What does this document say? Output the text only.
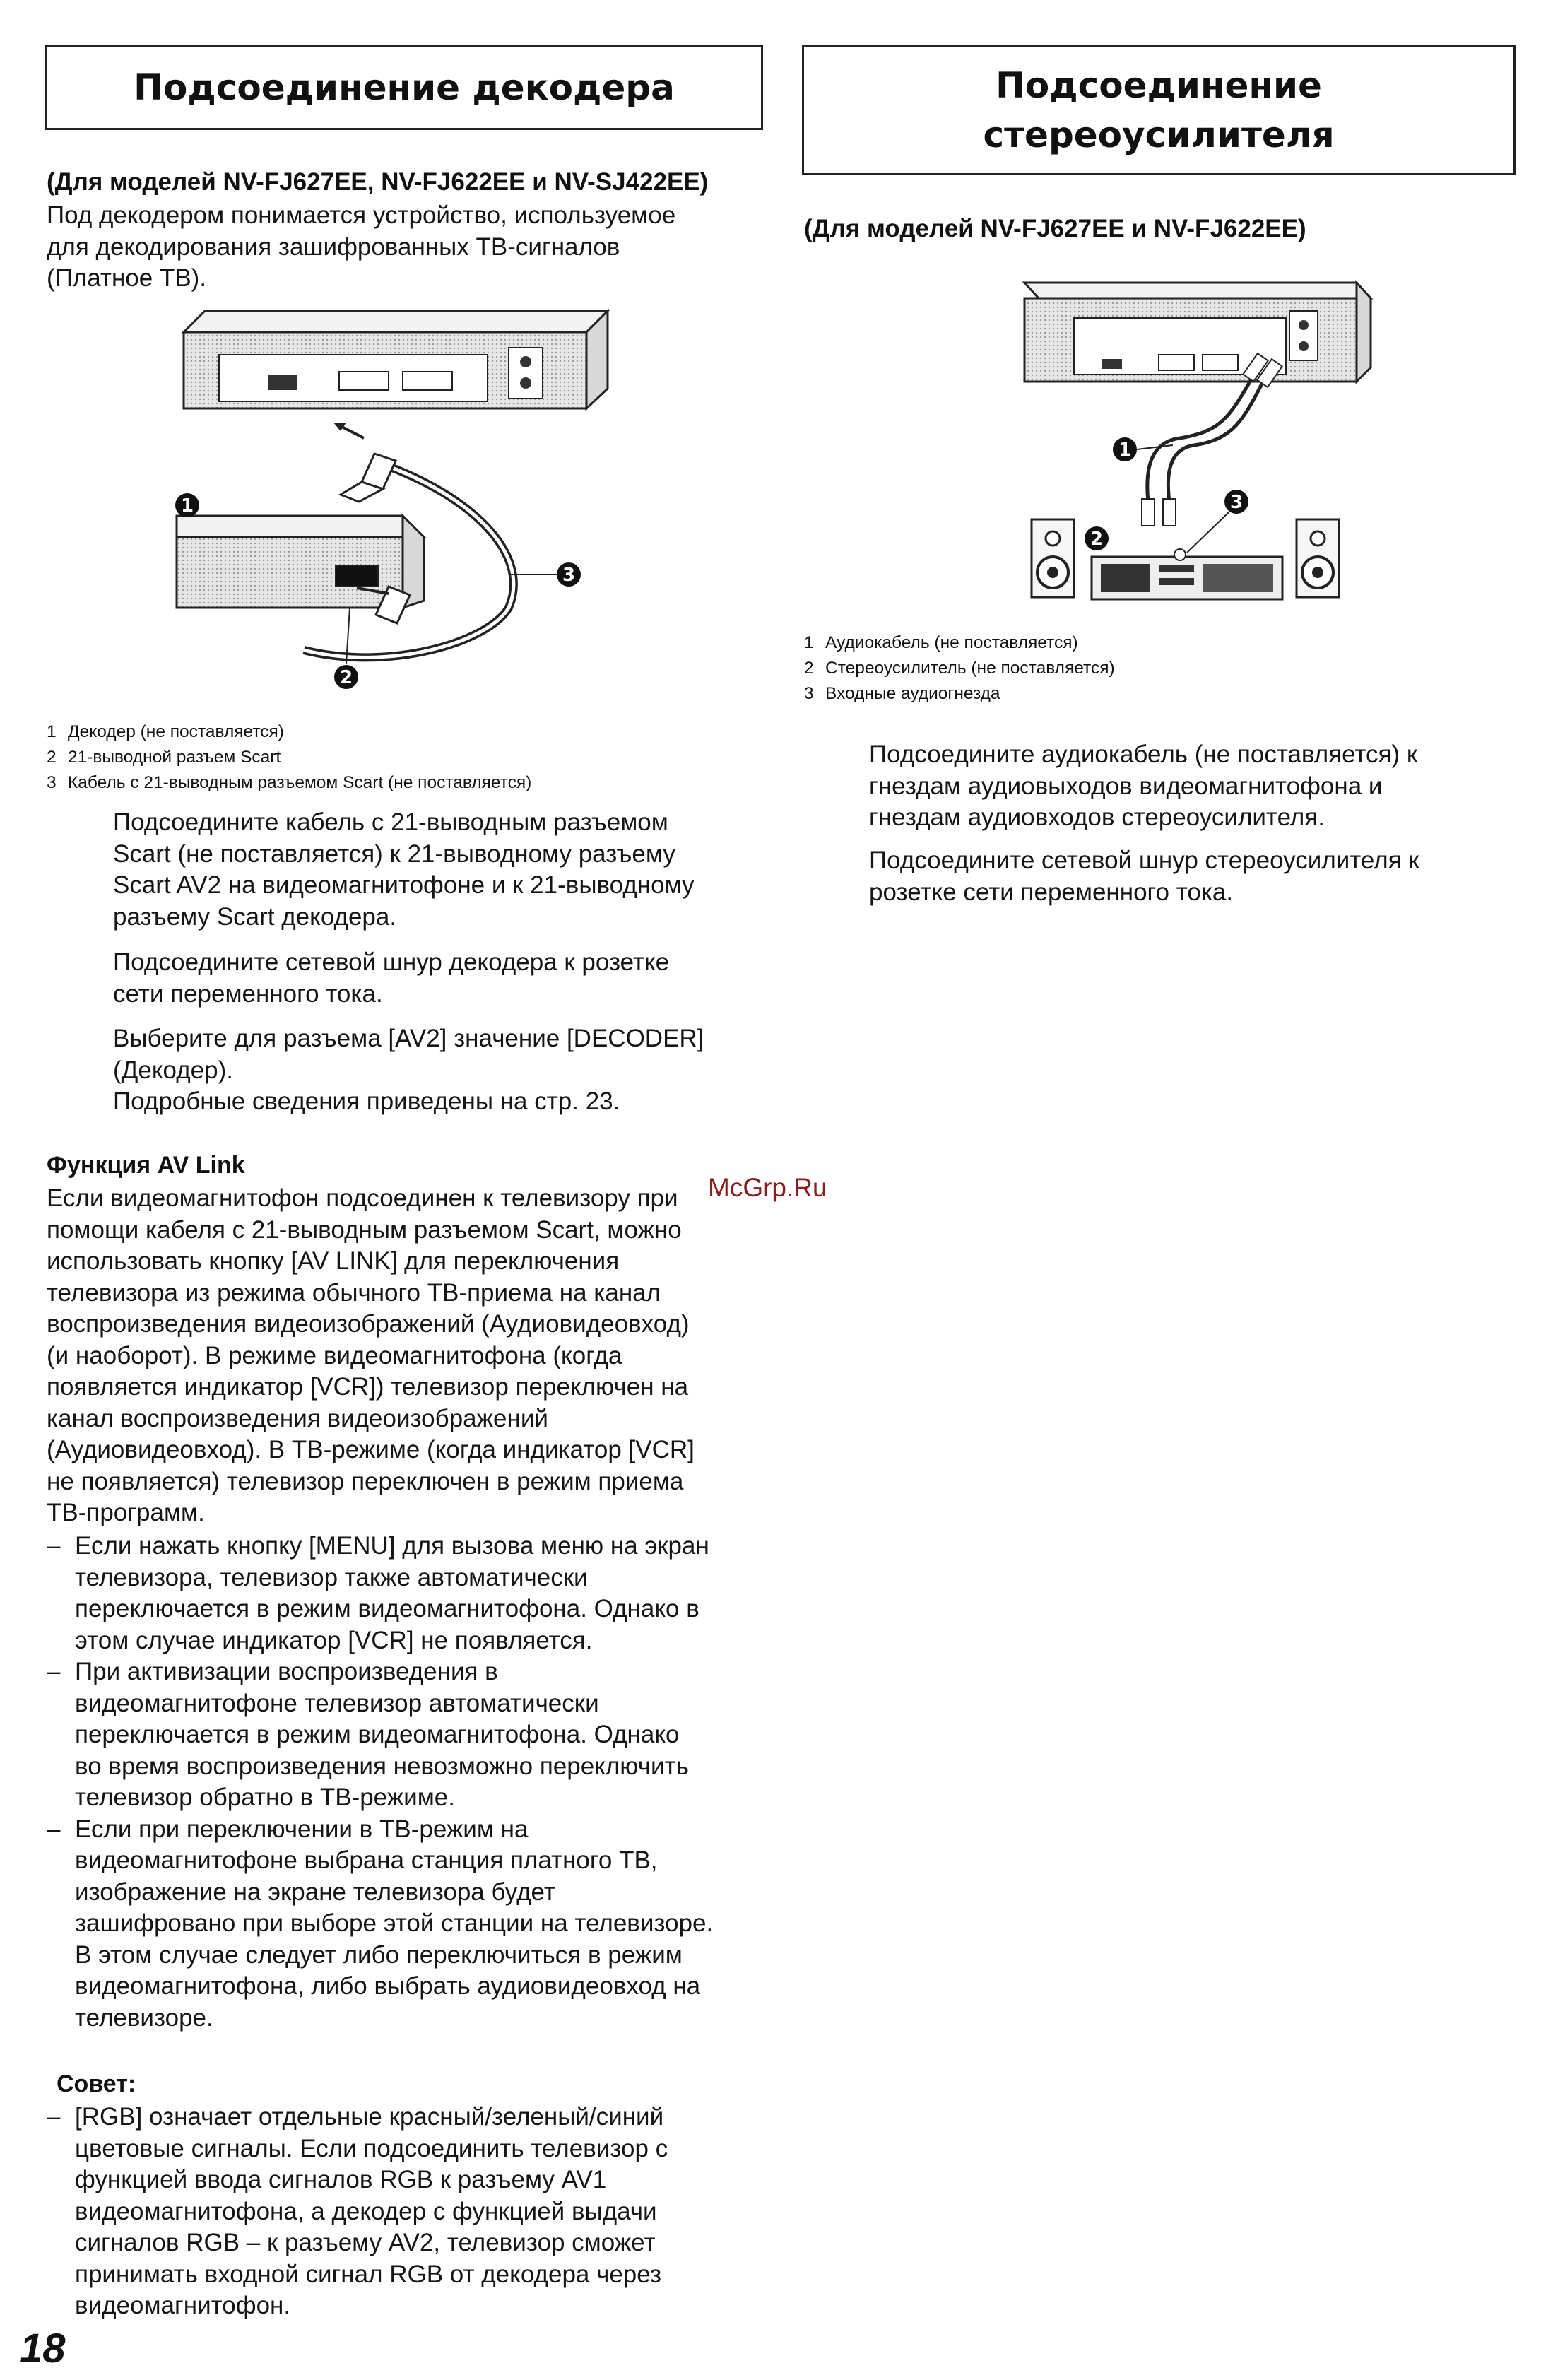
Подсоединение декодера
(Для моделей NV-FJ627EE, NV-FJ622EE и NV-SJ422EE)

Под декодером понимается устройство, используемое

для декодирования зашифрованных ТВ-сигналов

(Платное ТВ).

1
2
3
1 Декодер (не поставляется)
2 21-выводной разъем Scart
3 Кабель с 21-выводным разъемом Scart (не поставляется)

Подсоедините кабель с 21-выводным разъемом

Scart (не поставляется) к 21-выводному разъему

Scart AV2 на видеомагнитофоне и к 21-выводному

разъему Scart декодера.

Подсоедините сетевой шнур декодера к розетке

сети переменного тока.

Выберите для разъема [AV2] значение [DECODER]

(Декодер).

Подробные сведения приведены на стр. 23.

Функция AV Link

Если видеомагнитофон подсоединен к телевизору при

помощи кабеля с 21-выводным разъемом Scart, можно

использовать кнопку [AV LINK] для переключения

телевизора из режима обычного ТВ-приема на канал

воспроизведения видеоизображений (Аудиовидеовход)

(и наоборот). В режиме видеомагнитофона (когда

появляется индикатор [VCR]) телевизор переключен на

канал воспроизведения видеоизображений

(Аудиовидеовход). В ТВ-режиме (когда индикатор [VCR]

не появляется) телевизор переключен в режим приема

ТВ-программ.

– Если нажать кнопку [MENU] для вызова меню на экран
телевизора, телевизор также автоматически
переключается в режим видеомагнитофона. Однако в
этом случае индикатор [VCR] не появляется.
– При активизации воспроизведения в
видеомагнитофоне телевизор автоматически
переключается в режим видеомагнитофона. Однако
во время воспроизведения невозможно переключить
телевизор обратно в ТВ-режиме.
– Если при переключении в ТВ-режим на
видеомагнитофоне выбрана станция платного ТВ,
изображение на экране телевизора будет
зашифровано при выборе этой станции на телевизоре.
В этом случае следует либо переключиться в режим
видеомагнитофона, либо выбрать аудиовидеовход на
телевизоре.
Совет:
– [RGB] означает отдельные красный/зеленый/синий
цветовые сигналы. Если подсоединить телевизор с
функцией ввода сигналов RGB к разъему AV1
видеомагнитофона, а декодер с функцией выдачи
сигналов RGB – к разъему AV2, телевизор сможет
принимать входной сигнал RGB от декодера через
видеомагнитофон.
18
Подсоединение
стереоусилителя
(Для моделей NV-FJ627EE и NV-FJ622EE)
1
2
3
1 Аудиокабель (не поставляется)
2 Стереоусилитель (не поставляется)
3 Входные аудиогнезда

Подсоедините аудиокабель (не поставляется) к

гнездам аудиовыходов видеомагнитофона и

гнездам аудиовходов стереоусилителя.

Подсоедините сетевой шнур стереоусилителя к

розетке сети переменного тока.

McGrp.Ru
